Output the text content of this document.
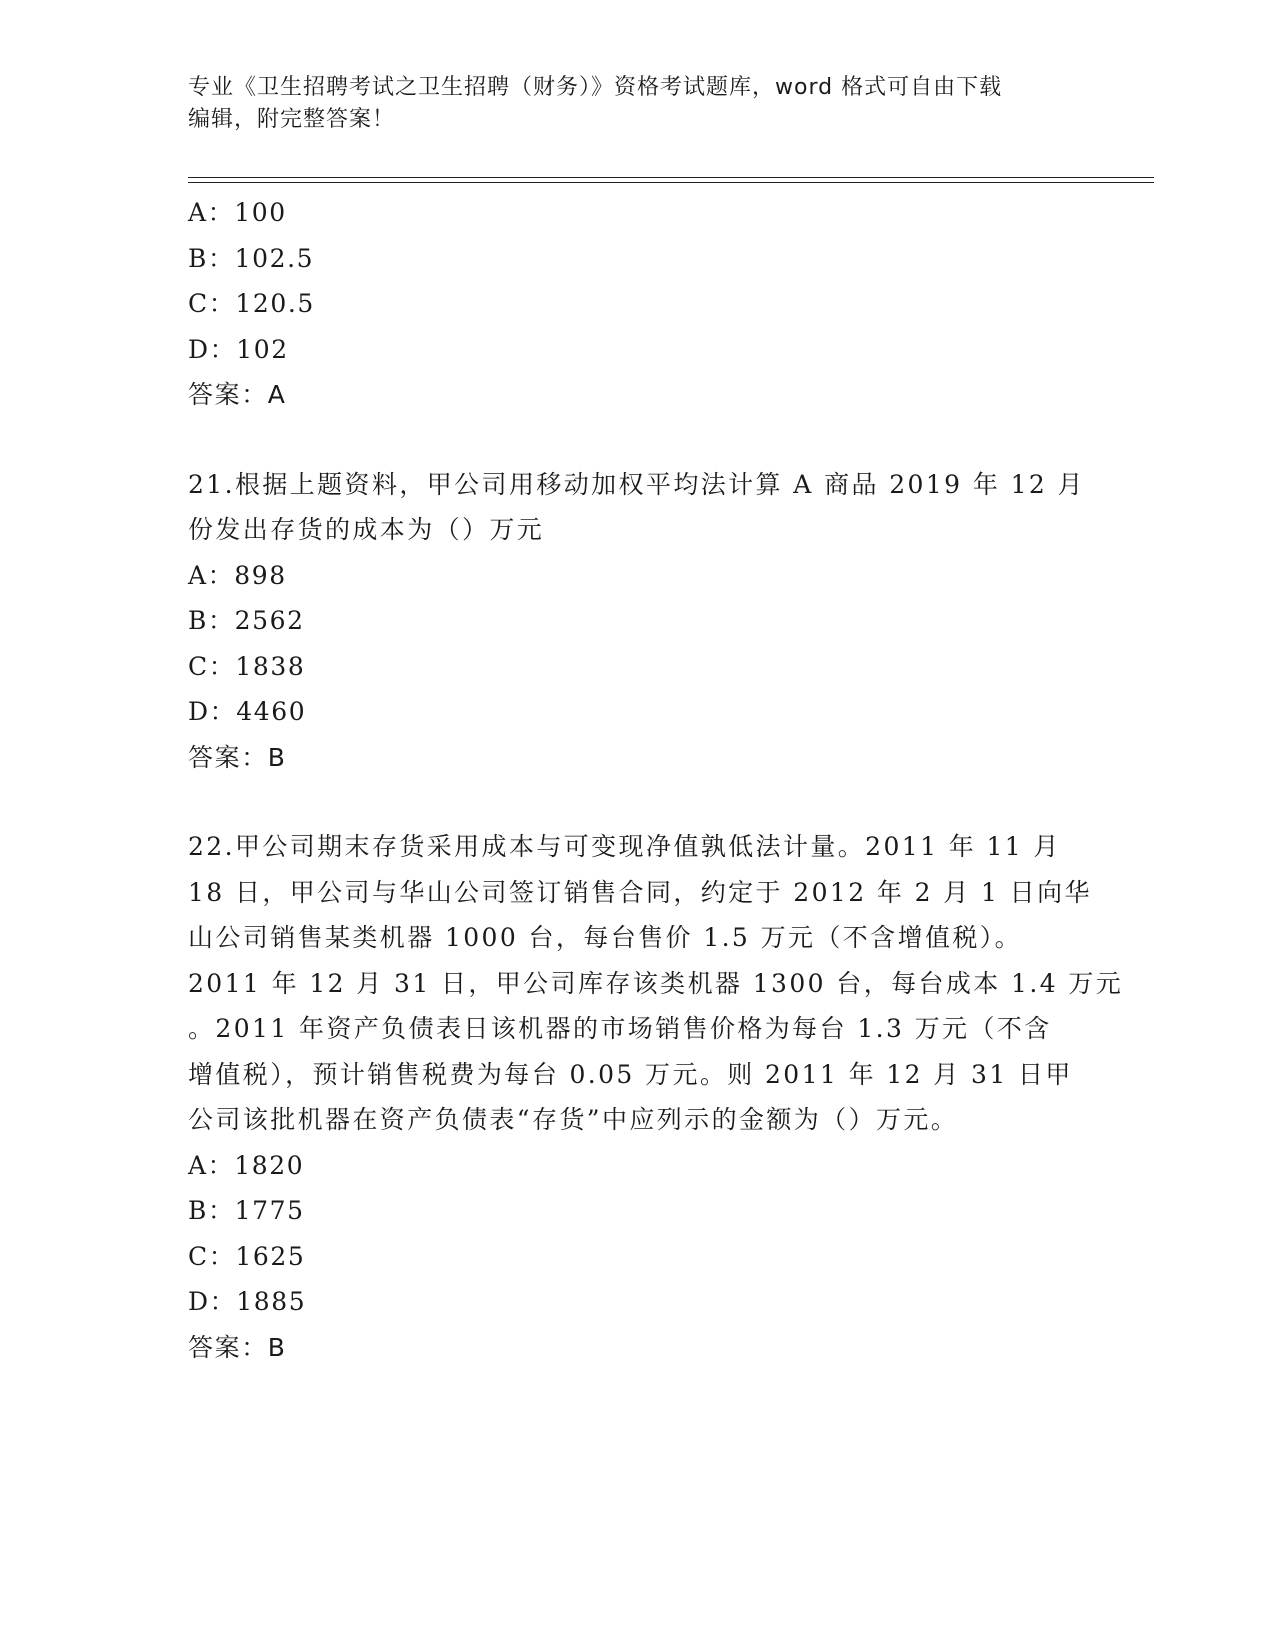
专业《卫生招聘考试之卫生招聘（财务）》资格考试题库，word 格式可自由下载
编辑，附完整答案！
A：100
B：102.5
C：120.5
D：102
答案：A
21.根据上题资料，甲公司用移动加权平均法计算 A 商品 2019 年 12 月
份发出存货的成本为（）万元
A：898
B：2562
C：1838
D：4460
答案：B
22.甲公司期末存货采用成本与可变现净值孰低法计量。2011 年 11 月
18 日，甲公司与华山公司签订销售合同，约定于 2012 年 2 月 1 日向华
山公司销售某类机器 1000 台，每台售价 1.5 万元（不含增值税）。
2011 年 12 月 31 日，甲公司库存该类机器 1300 台，每台成本 1.4 万元
。2011 年资产负债表日该机器的市场销售价格为每台 1.3 万元（不含
增值税），预计销售税费为每台 0.05 万元。则 2011 年 12 月 31 日甲
公司该批机器在资产负债表“存货”中应列示的金额为（）万元。
A：1820
B：1775
C：1625
D：1885
答案：B
